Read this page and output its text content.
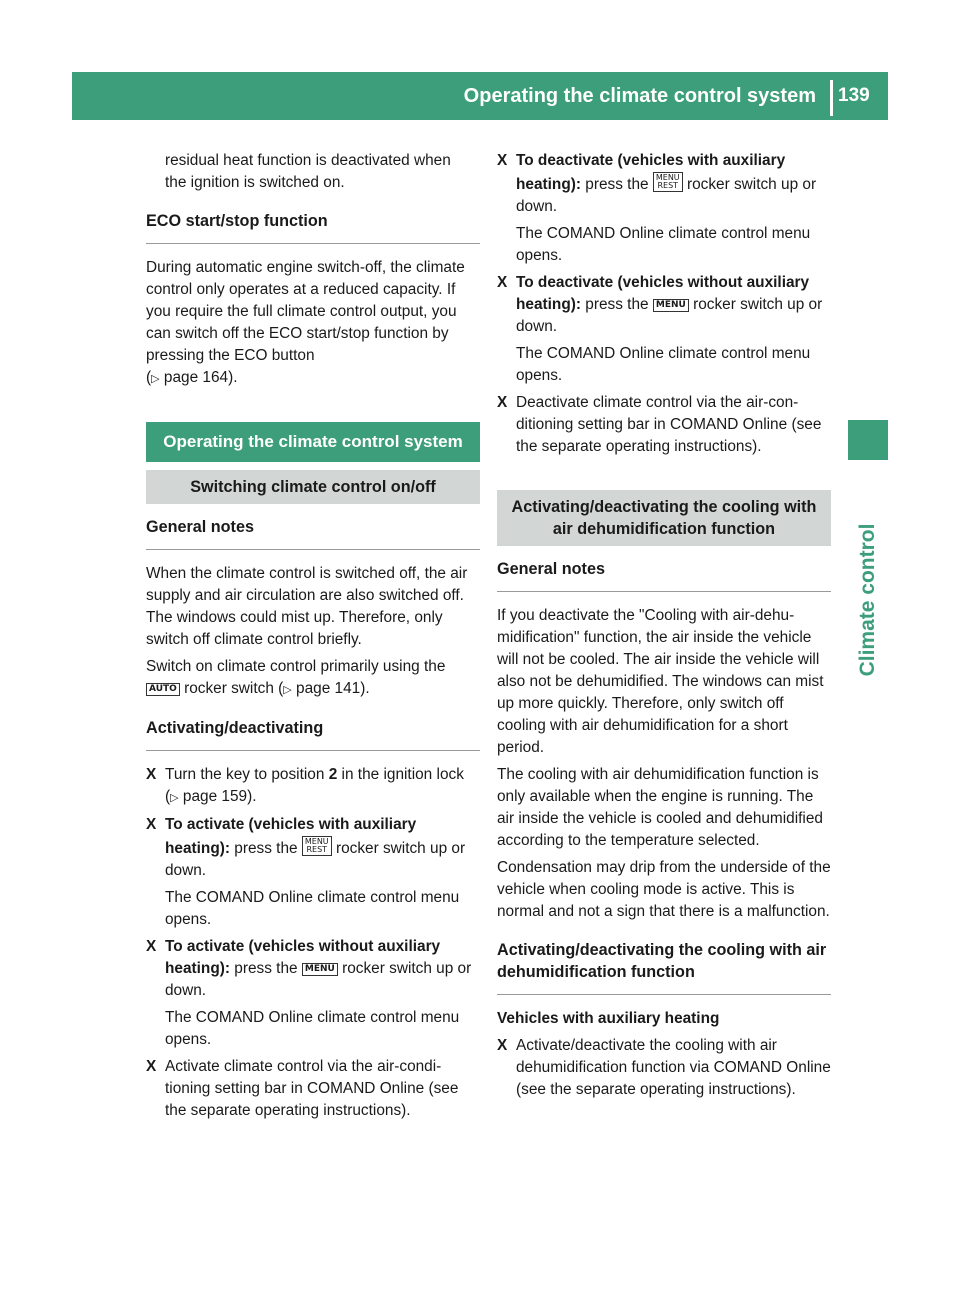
Operating the climate control system	139
Climate control

residual heat function is deactivated when
the ignition is switched on.

ECO start/stop function

During automatic engine switch-off, the climate control only operates at a reduced capacity. If you require the full climate control output, you can switch off the ECO start/stop function by pressing the ECO button
(▷ page 164).

Operating the climate control system
Switching climate control on/off
General notes

When the climate control is switched off, the air supply and air circulation are also switched off. The windows could mist up. Therefore, only switch off climate control briefly.

Switch on climate control primarily using the AUTO rocker switch (▷ page 141).

Activating/deactivating
X Turn the key to position 2 in the ignition lock (▷ page 159).
X To activate (vehicles with auxiliary heating): press the MENU
REST rocker switch up or down.
The COMAND Online climate control menu opens.
X To activate (vehicles without auxiliary heating): press the MENU rocker switch up or down.
The COMAND Online climate control menu opens.
X Activate climate control via the air-conditioning setting bar in COMAND Online (see the separate operating instructions).
X To deactivate (vehicles with auxiliary heating): press the MENU
REST rocker switch up or down.
The COMAND Online climate control menu opens.
X To deactivate (vehicles without auxiliary heating): press the MENU rocker switch up or down.
The COMAND Online climate control menu opens.
X Deactivate climate control via the air-conditioning setting bar in COMAND Online (see the separate operating instructions).
Activating/deactivating the cooling with air dehumidification function
General notes

If you deactivate the "Cooling with air-dehumidification" function, the air inside the vehicle will not be cooled. The air inside the vehicle will also not be dehumidified. The windows can mist up more quickly. Therefore, only switch off cooling with air dehumidification for a short period.

The cooling with air dehumidification function is only available when the engine is running. The air inside the vehicle is cooled and dehumidified according to the temperature selected.

Condensation may drip from the underside of the vehicle when cooling mode is active. This is normal and not a sign that there is a malfunction.

Activating/deactivating the cooling with air dehumidification function

Vehicles with auxiliary heating

X Activate/deactivate the cooling with air dehumidification function via COMAND Online (see the separate operating instructions).
